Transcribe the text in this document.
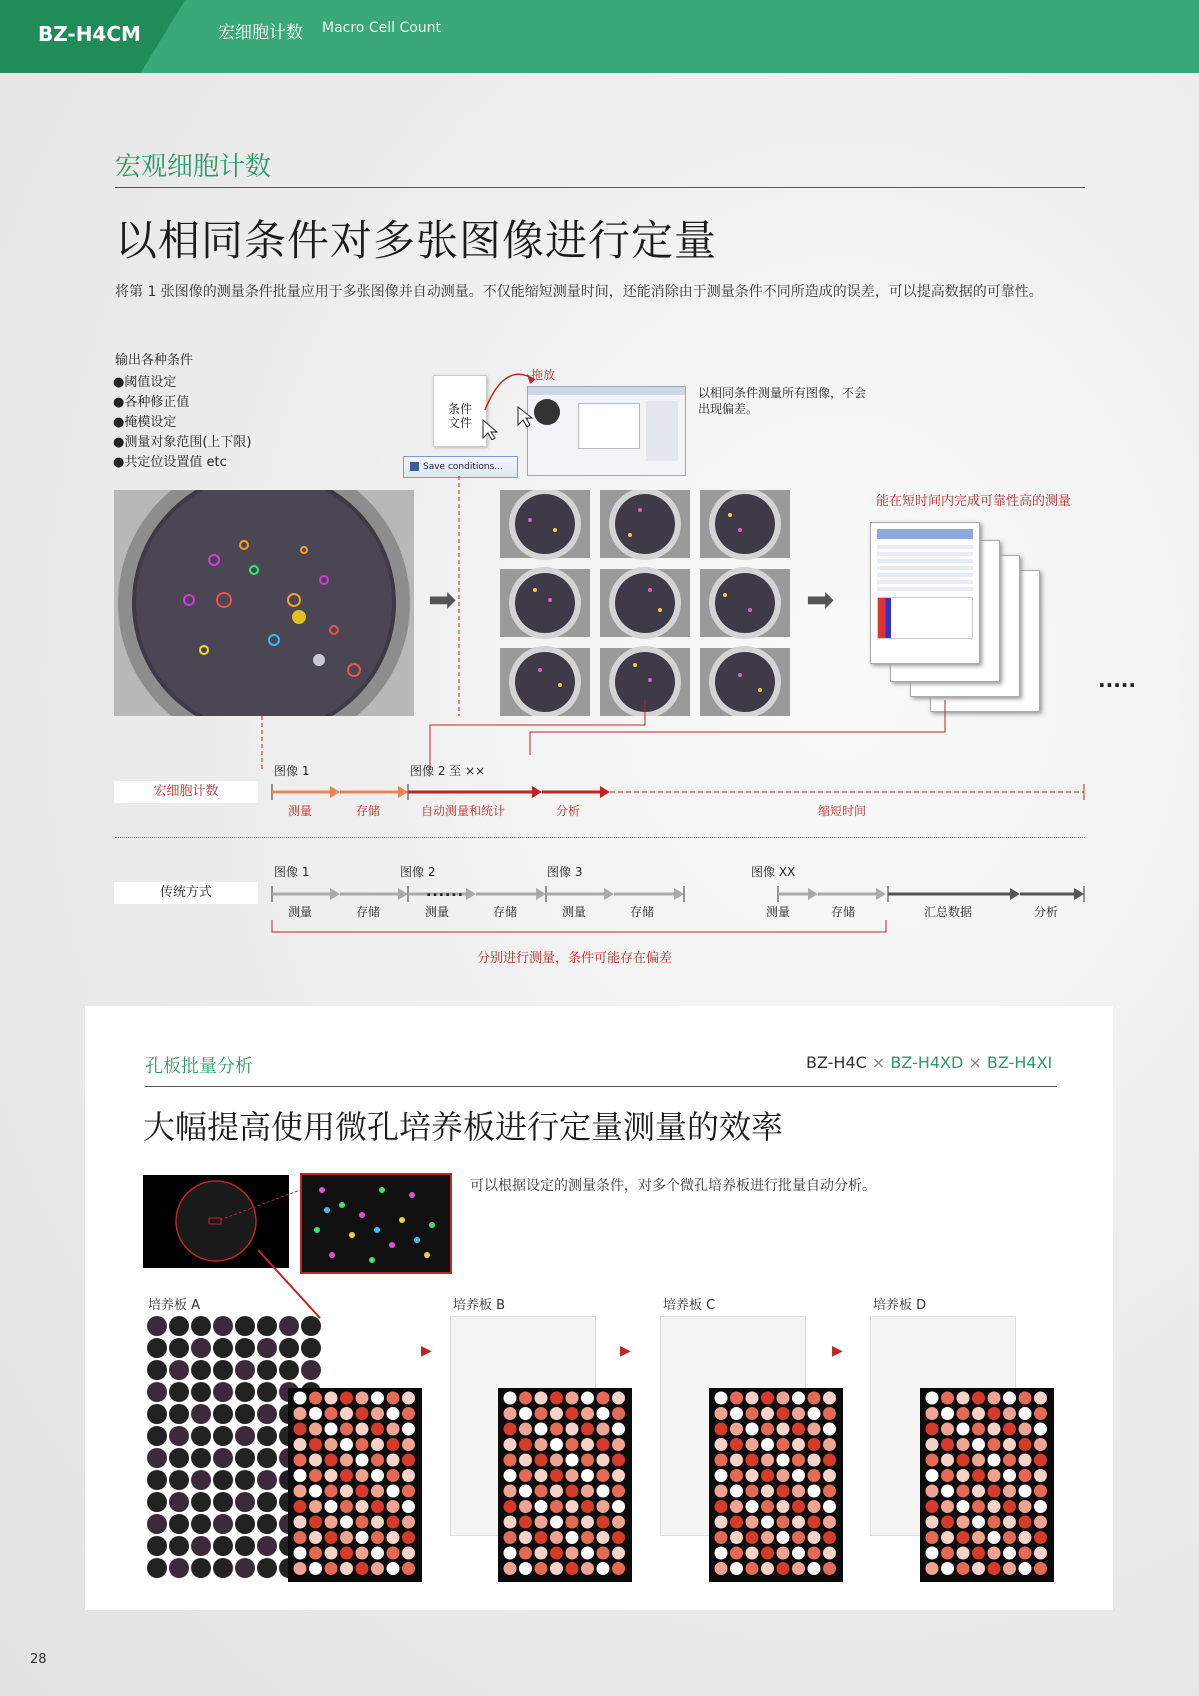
BZ-H4CM	宏细胞计数 Macro Cell Count
宏观细胞计数
以相同条件对多张图像进行定量
将第 1 张图像的测量条件批量应用于多张图像并自动测量。不仅能缩短测量时间，还能消除由于测量条件不同所造成的误差，可以提高数据的可靠性。
输出各种条件
● 阈值设定
● 各种修正值
● 掩模设定
● 测量对象范围(上下限)
● 共定位设置值 etc
条件
文件
拖放
Save conditions...
以相同条件测量所有图像，不会出现偏差。
能在短时间内完成可靠性高的测量
➡	➡
.....
图像 1	图像 2 至 ××
宏细胞计数
测量	存储	自动测量和统计	分析	缩短时间
图像 1	图像 2	图像 3	图像 XX
传统方式	......
测量	存储	测量	存储	测量	存储	测量	存储	汇总数据	分析
分别进行测量，条件可能存在偏差
孔板批量分析	BZ-H4C × BZ-H4XD × BZ-H4XI
大幅提高使用微孔培养板进行定量测量的效率
可以根据设定的测量条件，对多个微孔培养板进行批量自动分析。
培养板 A	培养板 B	培养板 C	培养板 D
▶	▶	▶
28
